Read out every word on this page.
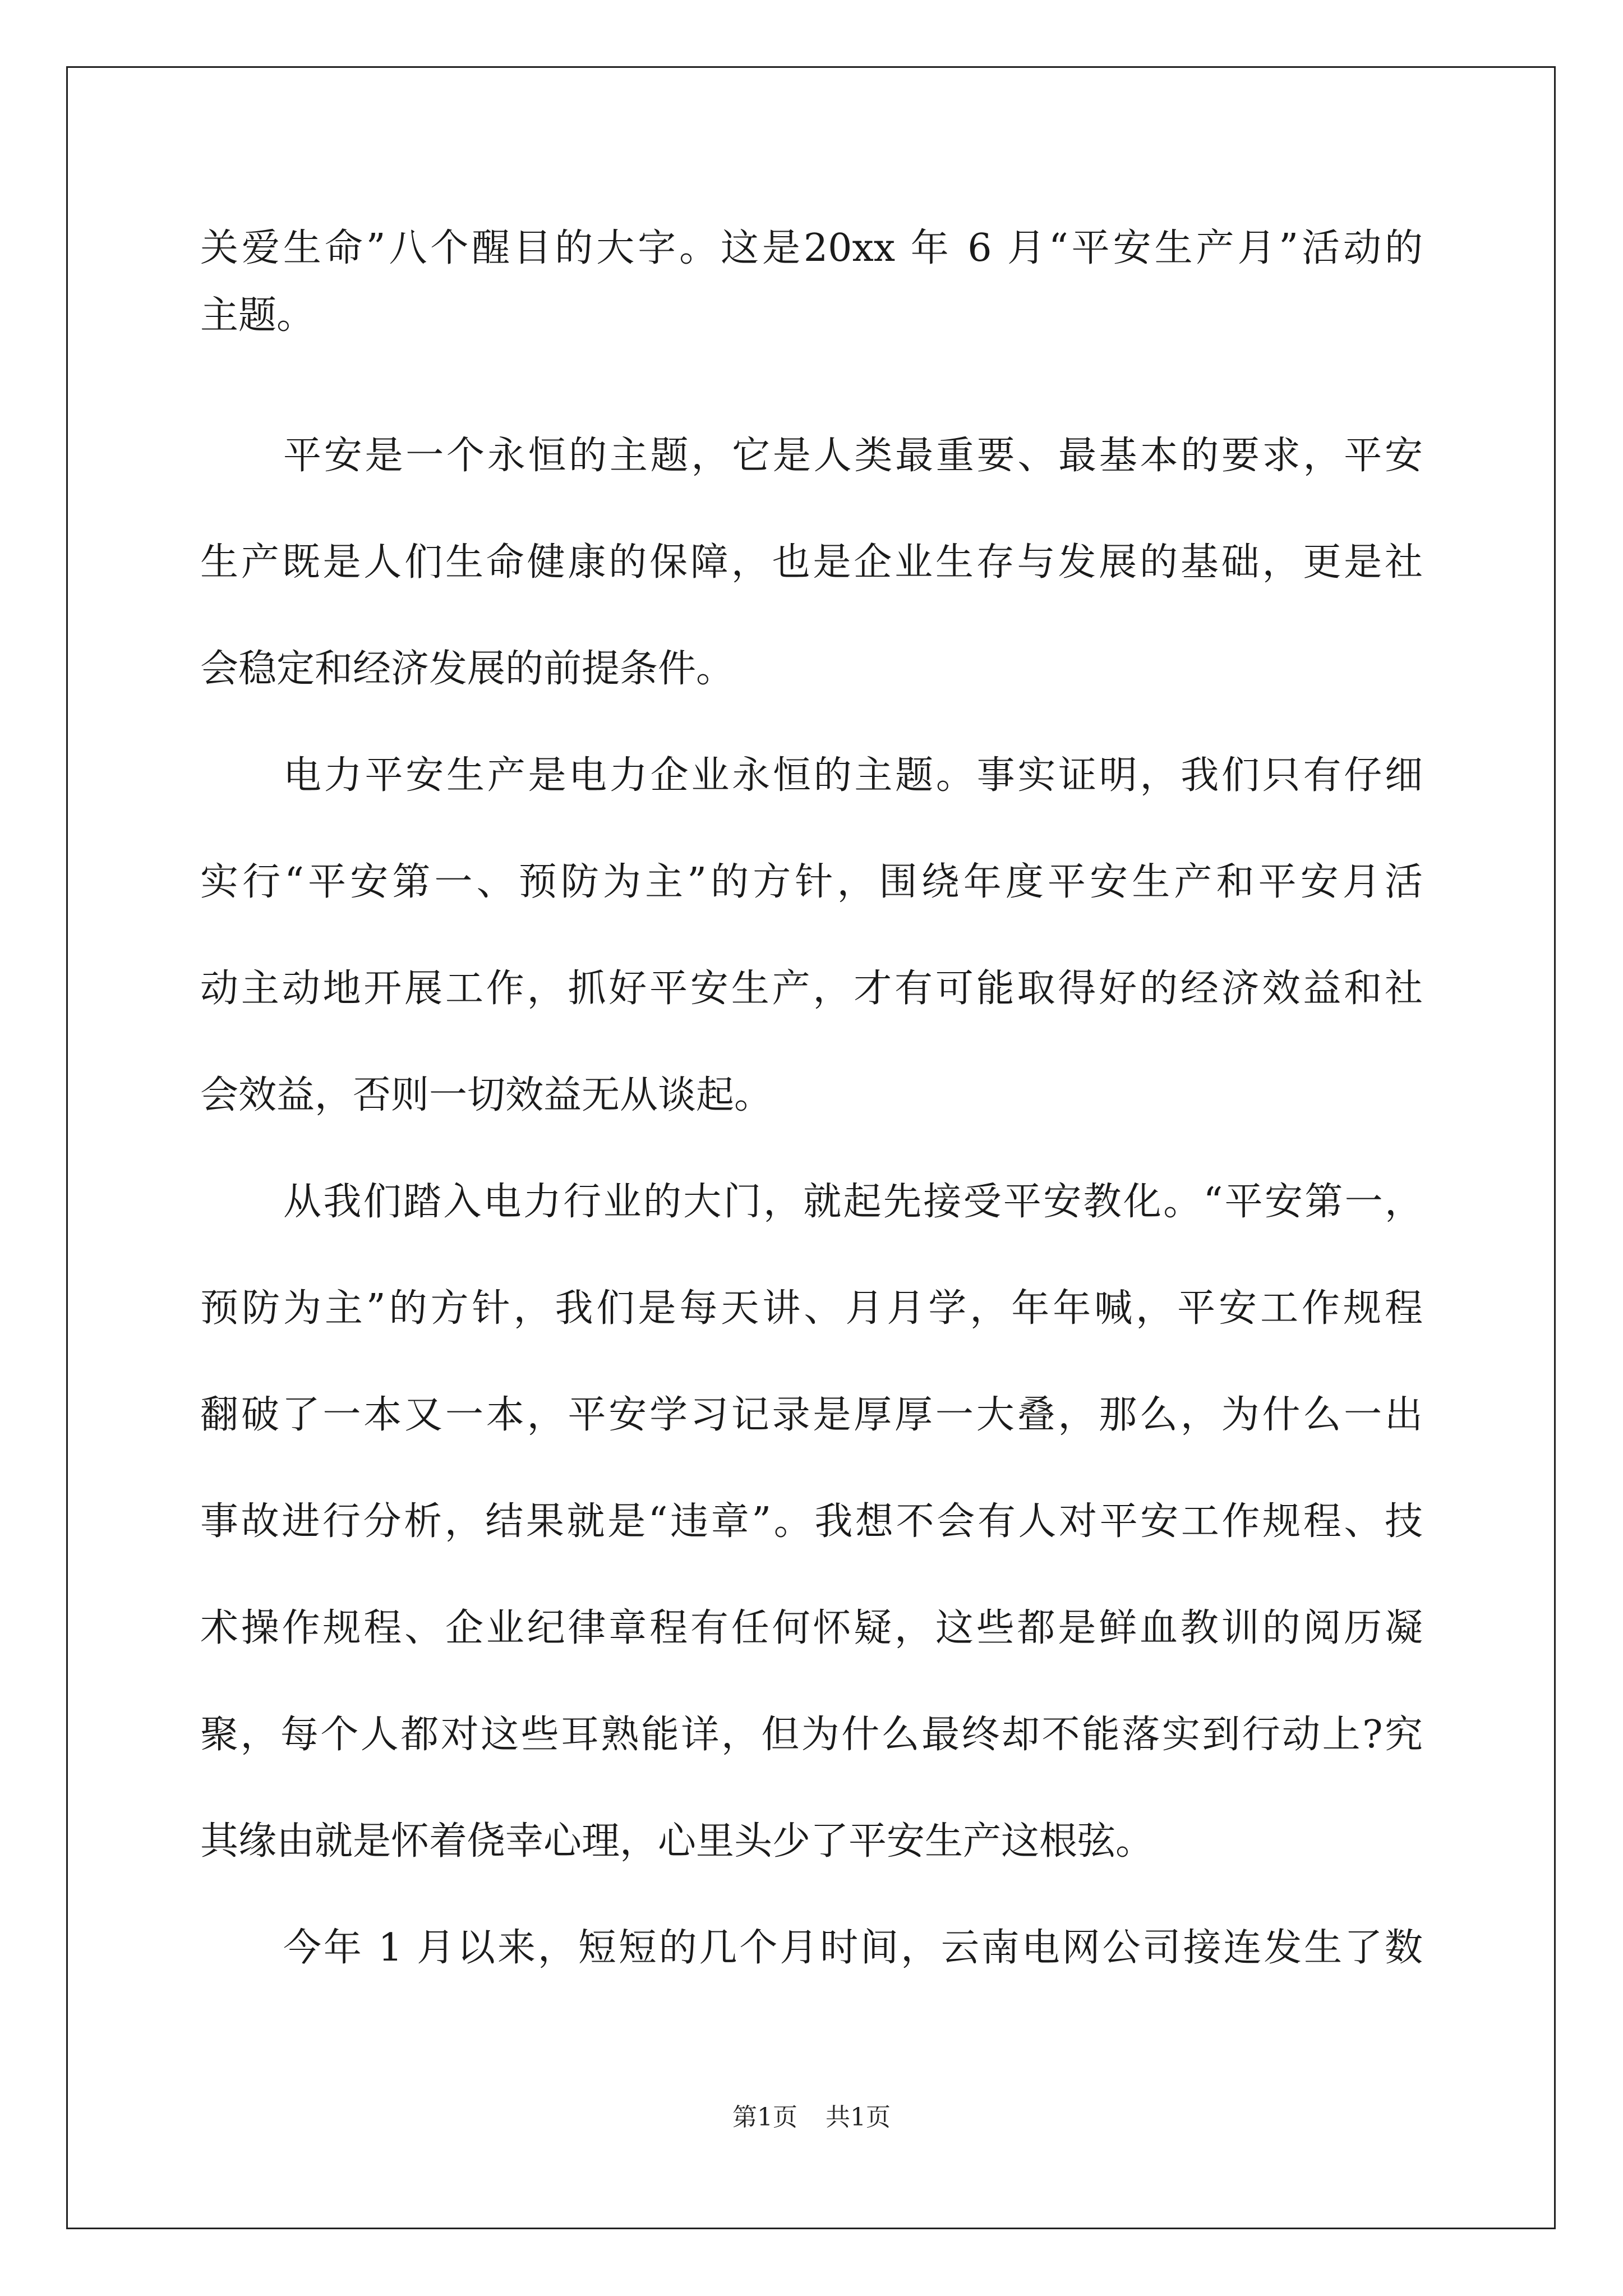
关爱生命”八个醒目的大字。这是20xx 年 6 月“平安生产月”活动的
主题。
平安是一个永恒的主题，它是人类最重要、最基本的要求，平安
生产既是人们生命健康的保障，也是企业生存与发展的基础，更是社
会稳定和经济发展的前提条件。
电力平安生产是电力企业永恒的主题。事实证明，我们只有仔细
实行“平安第一、预防为主”的方针，围绕年度平安生产和平安月活
动主动地开展工作，抓好平安生产，才有可能取得好的经济效益和社
会效益，否则一切效益无从谈起。
从我们踏入电力行业的大门，就起先接受平安教化。“平安第一，
预防为主”的方针，我们是每天讲、月月学，年年喊，平安工作规程
翻破了一本又一本，平安学习记录是厚厚一大叠，那么，为什么一出
事故进行分析，结果就是“违章”。我想不会有人对平安工作规程、技
术操作规程、企业纪律章程有任何怀疑，这些都是鲜血教训的阅历凝
聚，每个人都对这些耳熟能详，但为什么最终却不能落实到行动上?究
其缘由就是怀着侥幸心理，心里头少了平安生产这根弦。
今年 1 月以来，短短的几个月时间，云南电网公司接连发生了数
第1页 共1页
